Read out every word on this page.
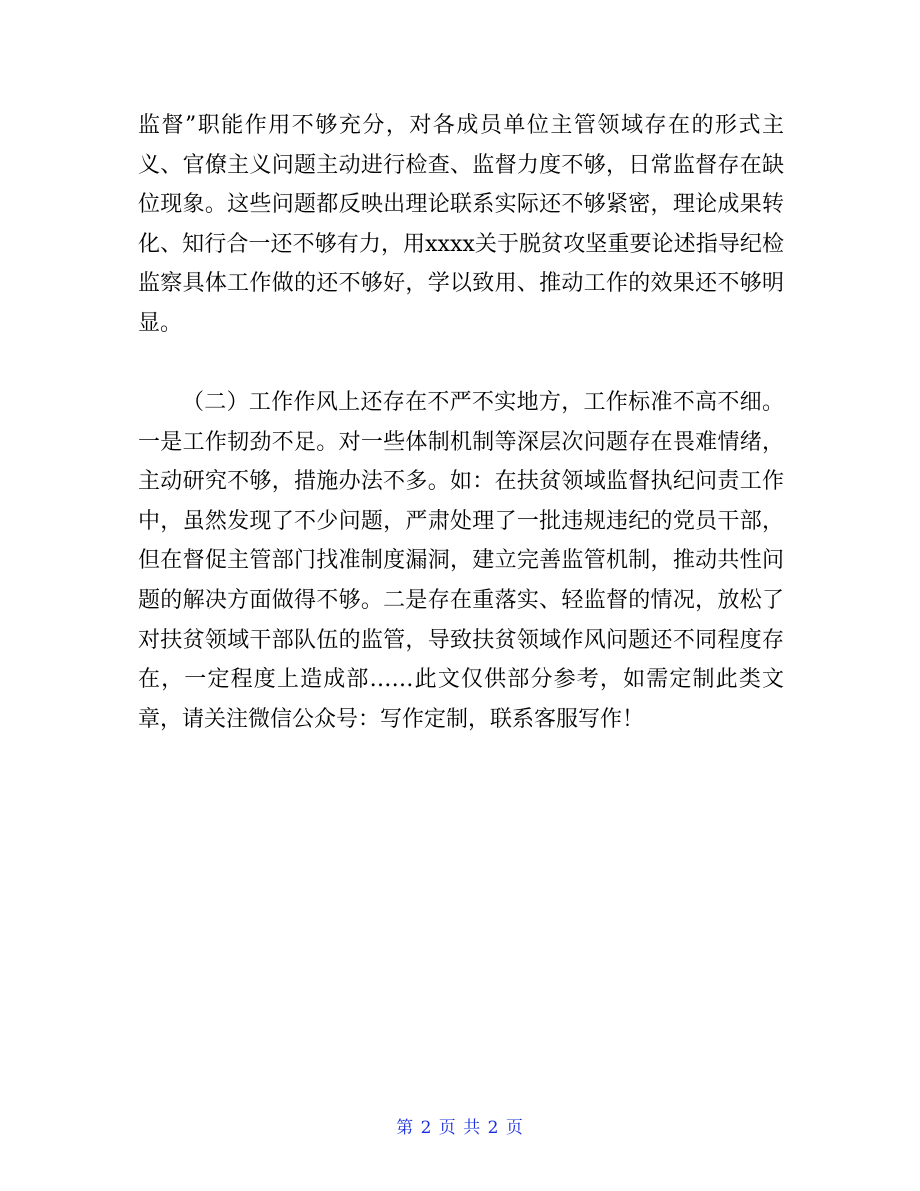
监督”职能作用不够充分，对各成员单位主管领域存在的形式主义、官僚主义问题主动进行检查、监督力度不够，日常监督存在缺位现象。这些问题都反映出理论联系实际还不够紧密，理论成果转化、知行合一还不够有力，用xxxx关于脱贫攻坚重要论述指导纪检监察具体工作做的还不够好，学以致用、推动工作的效果还不够明显。

（二）工作作风上还存在不严不实地方，工作标准不高不细。一是工作韧劲不足。对一些体制机制等深层次问题存在畏难情绪，主动研究不够，措施办法不多。如：在扶贫领域监督执纪问责工作中，虽然发现了不少问题，严肃处理了一批违规违纪的党员干部，但在督促主管部门找准制度漏洞，建立完善监管机制，推动共性问题的解决方面做得不够。二是存在重落实、轻监督的情况，放松了对扶贫领域干部队伍的监管，导致扶贫领域作风问题还不同程度存在，一定程度上造成部……此文仅供部分参考，如需定制此类文章，请关注微信公众号：写作定制，联系客服写作！

第 2 页 共 2 页
